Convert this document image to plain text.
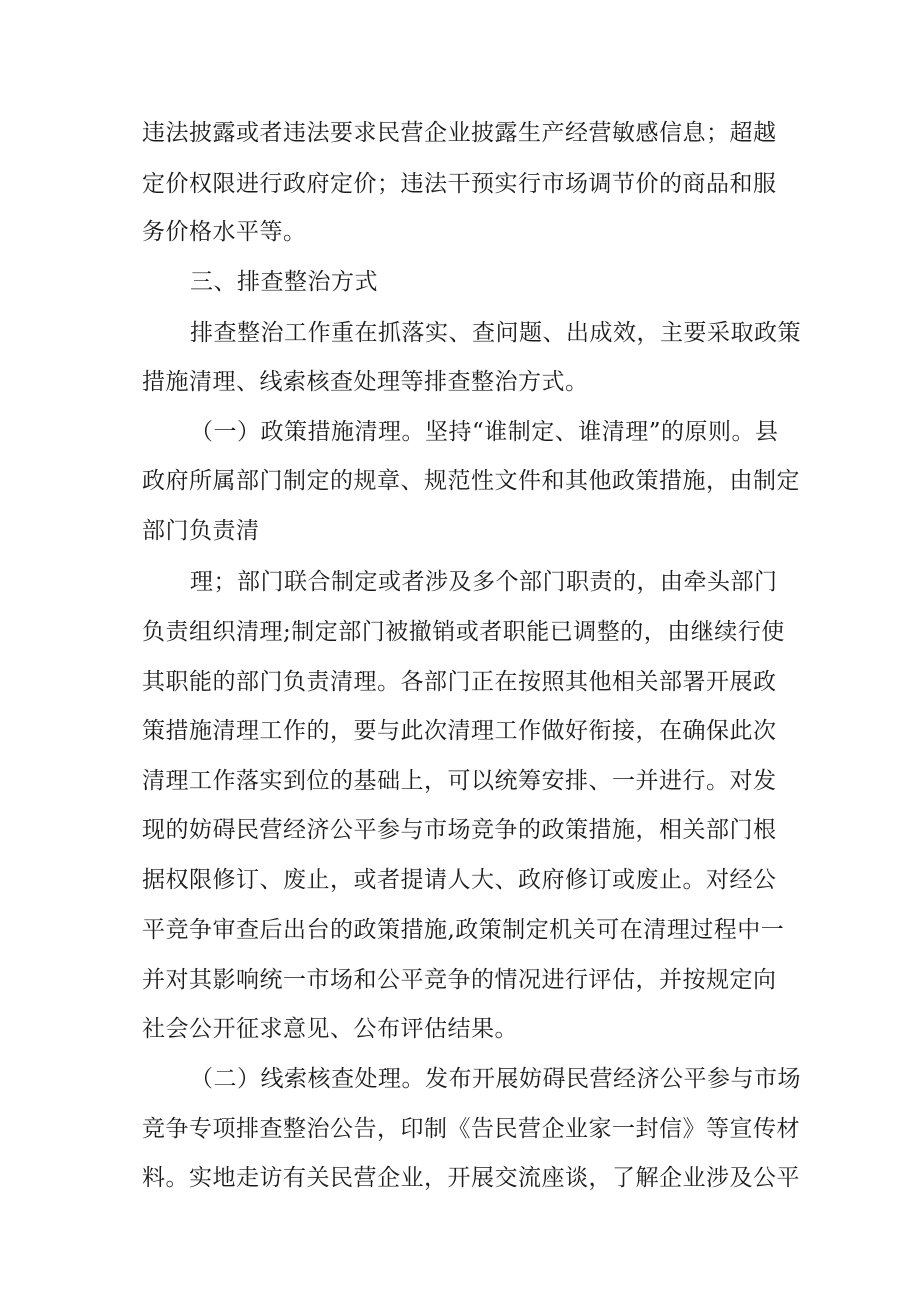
违法披露或者违法要求民营企业披露生产经营敏感信息；超越
定价权限进行政府定价；违法干预实行市场调节价的商品和服
务价格水平等。
三、排查整治方式
排查整治工作重在抓落实、查问题、出成效，主要采取政策
措施清理、线索核查处理等排查整治方式。
（一）政策措施清理。坚持“谁制定、谁清理”的原则。县
政府所属部门制定的规章、规范性文件和其他政策措施，由制定
部门负责清
理；部门联合制定或者涉及多个部门职责的，由牵头部门
负责组织清理;制定部门被撤销或者职能已调整的，由继续行使
其职能的部门负责清理。各部门正在按照其他相关部署开展政
策措施清理工作的，要与此次清理工作做好衔接，在确保此次
清理工作落实到位的基础上，可以统筹安排、一并进行。对发
现的妨碍民营经济公平参与市场竞争的政策措施，相关部门根
据权限修订、废止，或者提请人大、政府修订或废止。对经公
平竞争审查后出台的政策措施,政策制定机关可在清理过程中一
并对其影响统一市场和公平竞争的情况进行评估，并按规定向
社会公开征求意见、公布评估结果。
（二）线索核查处理。发布开展妨碍民营经济公平参与市场
竞争专项排查整治公告，印制《告民营企业家一封信》等宣传材
料。实地走访有关民营企业，开展交流座谈，了解企业涉及公平
